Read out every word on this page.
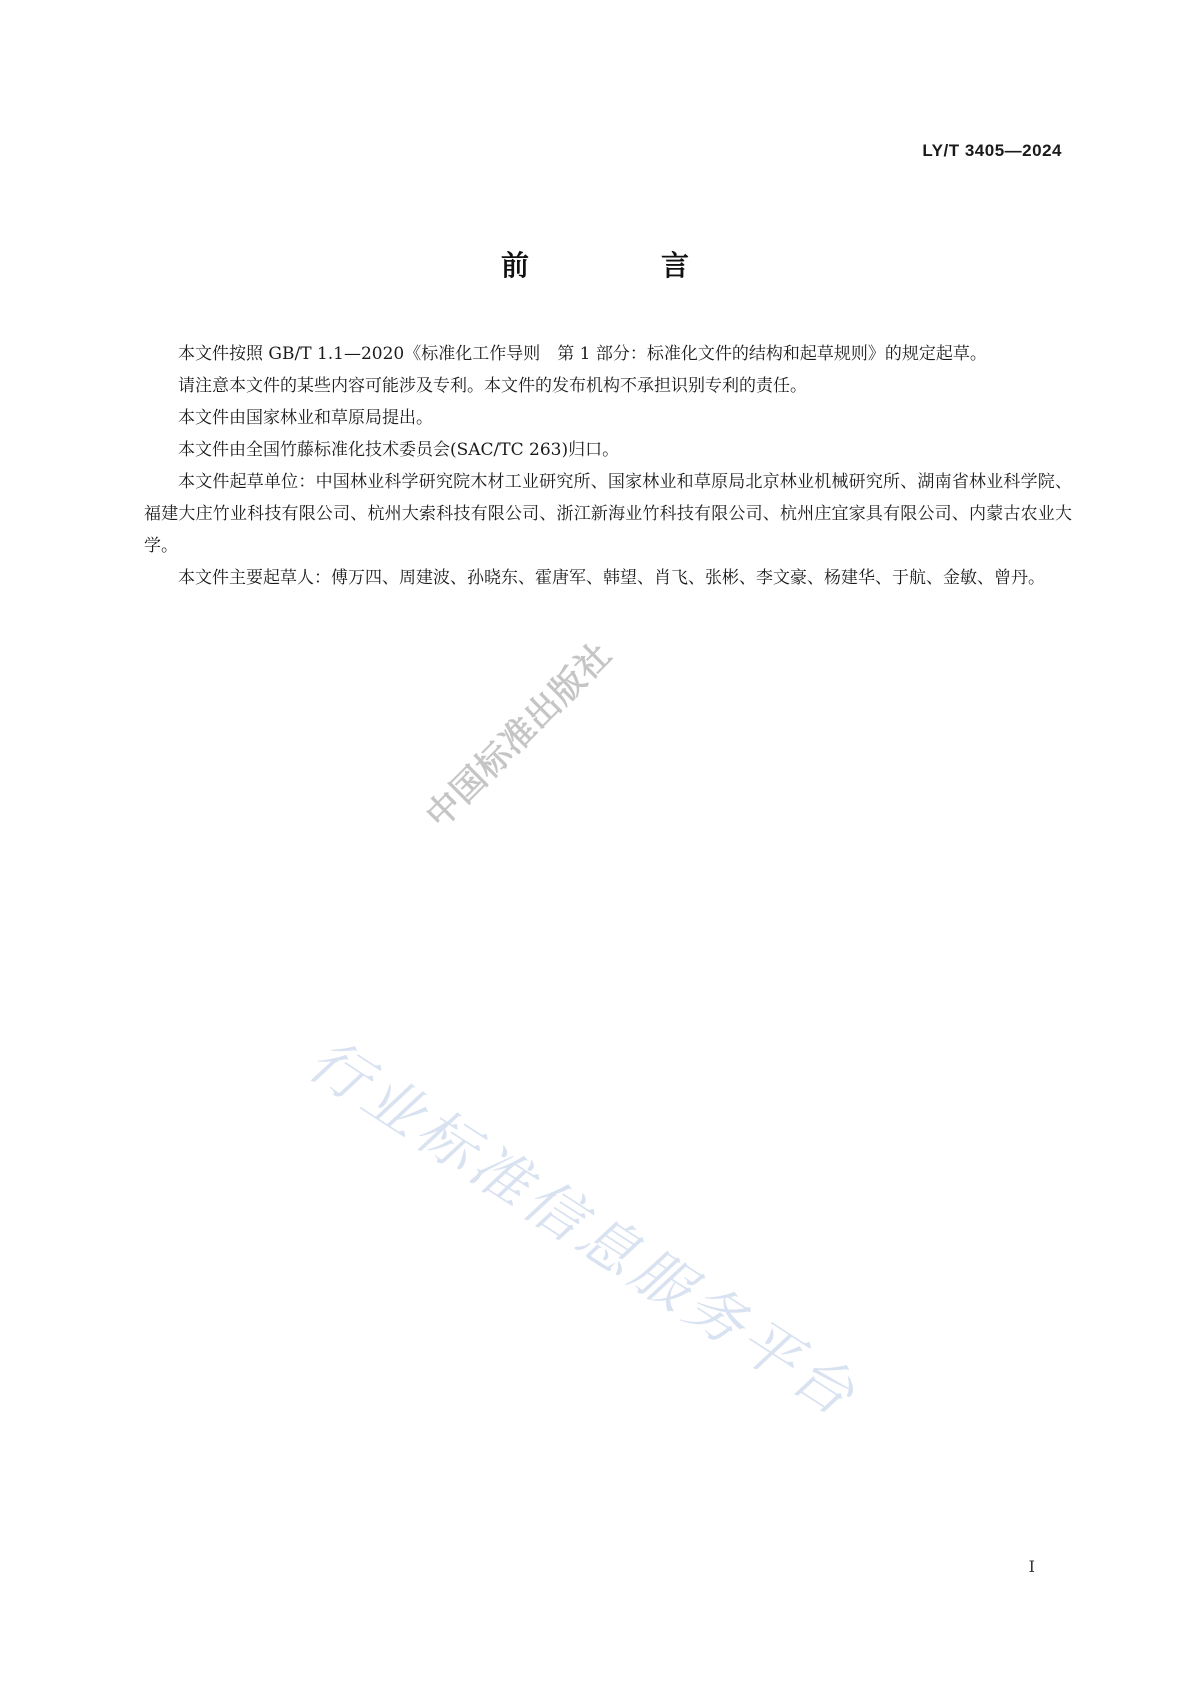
LY/T 3405—2024
前　言

本文件按照 GB/T 1.1—2020《标准化工作导则　第 1 部分：标准化文件的结构和起草规则》的规定起草。

请注意本文件的某些内容可能涉及专利。本文件的发布机构不承担识别专利的责任。

本文件由国家林业和草原局提出。

本文件由全国竹藤标准化技术委员会(SAC/TC 263)归口。

本文件起草单位：中国林业科学研究院木材工业研究所、国家林业和草原局北京林业机械研究所、湖南省林业科学院、福建大庄竹业科技有限公司、杭州大索科技有限公司、浙江新海业竹科技有限公司、杭州庄宜家具有限公司、内蒙古农业大学。

本文件主要起草人：傅万四、周建波、孙晓东、霍唐军、韩望、肖飞、张彬、李文豪、杨建华、于航、金敏、曾丹。

中国标准出版社
行业标准信息服务平台
Ⅰ
